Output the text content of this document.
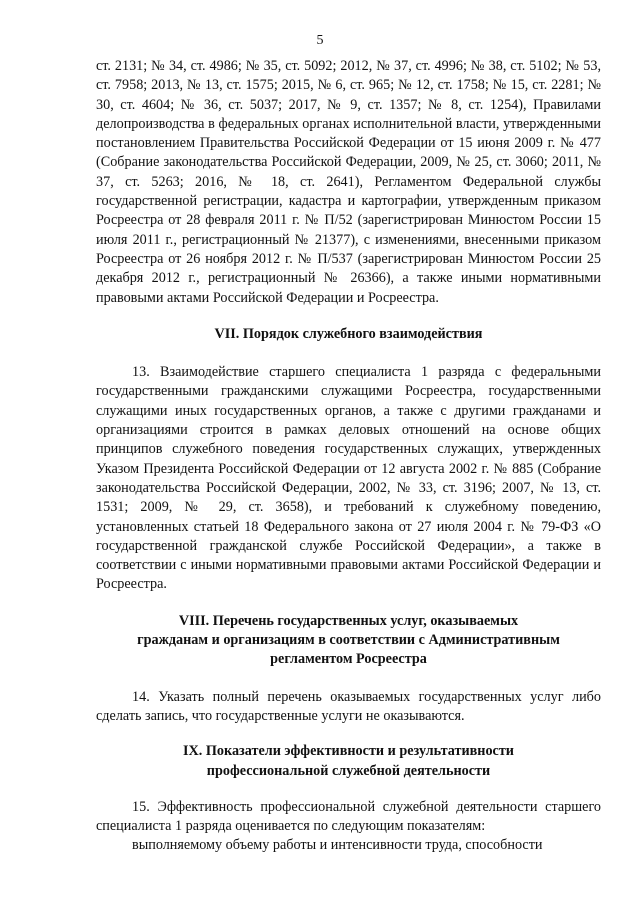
5

ст. 2131; № 34, ст. 4986; № 35, ст. 5092; 2012, № 37, ст. 4996; № 38, ст. 5102; № 53, ст. 7958; 2013, № 13, ст. 1575; 2015, № 6, ст. 965; № 12, ст. 1758; № 15, ст. 2281; № 30, ст. 4604; № 36, ст. 5037; 2017, № 9, ст. 1357; № 8, ст. 1254), Правилами делопроизводства в федеральных органах исполнительной власти, утвержденными постановлением Правительства Российской Федерации от 15 июня 2009 г. № 477 (Собрание законодательства Российской Федерации, 2009, № 25, ст. 3060; 2011, № 37, ст. 5263; 2016, № 18, ст. 2641), Регламентом Федеральной службы государственной регистрации, кадастра и картографии, утвержденным приказом Росреестра от 28 февраля 2011 г. № П/52 (зарегистрирован Минюстом России 15 июля 2011 г., регистрационный № 21377), с изменениями, внесенными приказом Росреестра от 26 ноября 2012 г. № П/537 (зарегистрирован Минюстом России 25 декабря 2012 г., регистрационный № 26366), а также иными нормативными правовыми актами Российской Федерации и Росреестра.

VII. Порядок служебного взаимодействия

13. Взаимодействие старшего специалиста 1 разряда с федеральными государственными гражданскими служащими Росреестра, государственными служащими иных государственных органов, а также с другими гражданами и организациями строится в рамках деловых отношений на основе общих принципов служебного поведения государственных служащих, утвержденных Указом Президента Российской Федерации от 12 августа 2002 г. № 885 (Собрание законодательства Российской Федерации, 2002, № 33, ст. 3196; 2007, № 13, ст. 1531; 2009, № 29, ст. 3658), и требований к служебному поведению, установленных статьей 18 Федерального закона от 27 июля 2004 г. № 79-ФЗ «О государственной гражданской службе Российской Федерации», а также в соответствии с иными нормативными правовыми актами Российской Федерации и Росреестра.

VIII. Перечень государственных услуг, оказываемых
гражданам и организациям в соответствии с Административным
регламентом Росреестра

14. Указать полный перечень оказываемых государственных услуг либо сделать запись, что государственные услуги не оказываются.

IX. Показатели эффективности и результативности
профессиональной служебной деятельности

15. Эффективность профессиональной служебной деятельности старшего специалиста 1 разряда оценивается по следующим показателям:

выполняемому объему работы и интенсивности труда, способности
